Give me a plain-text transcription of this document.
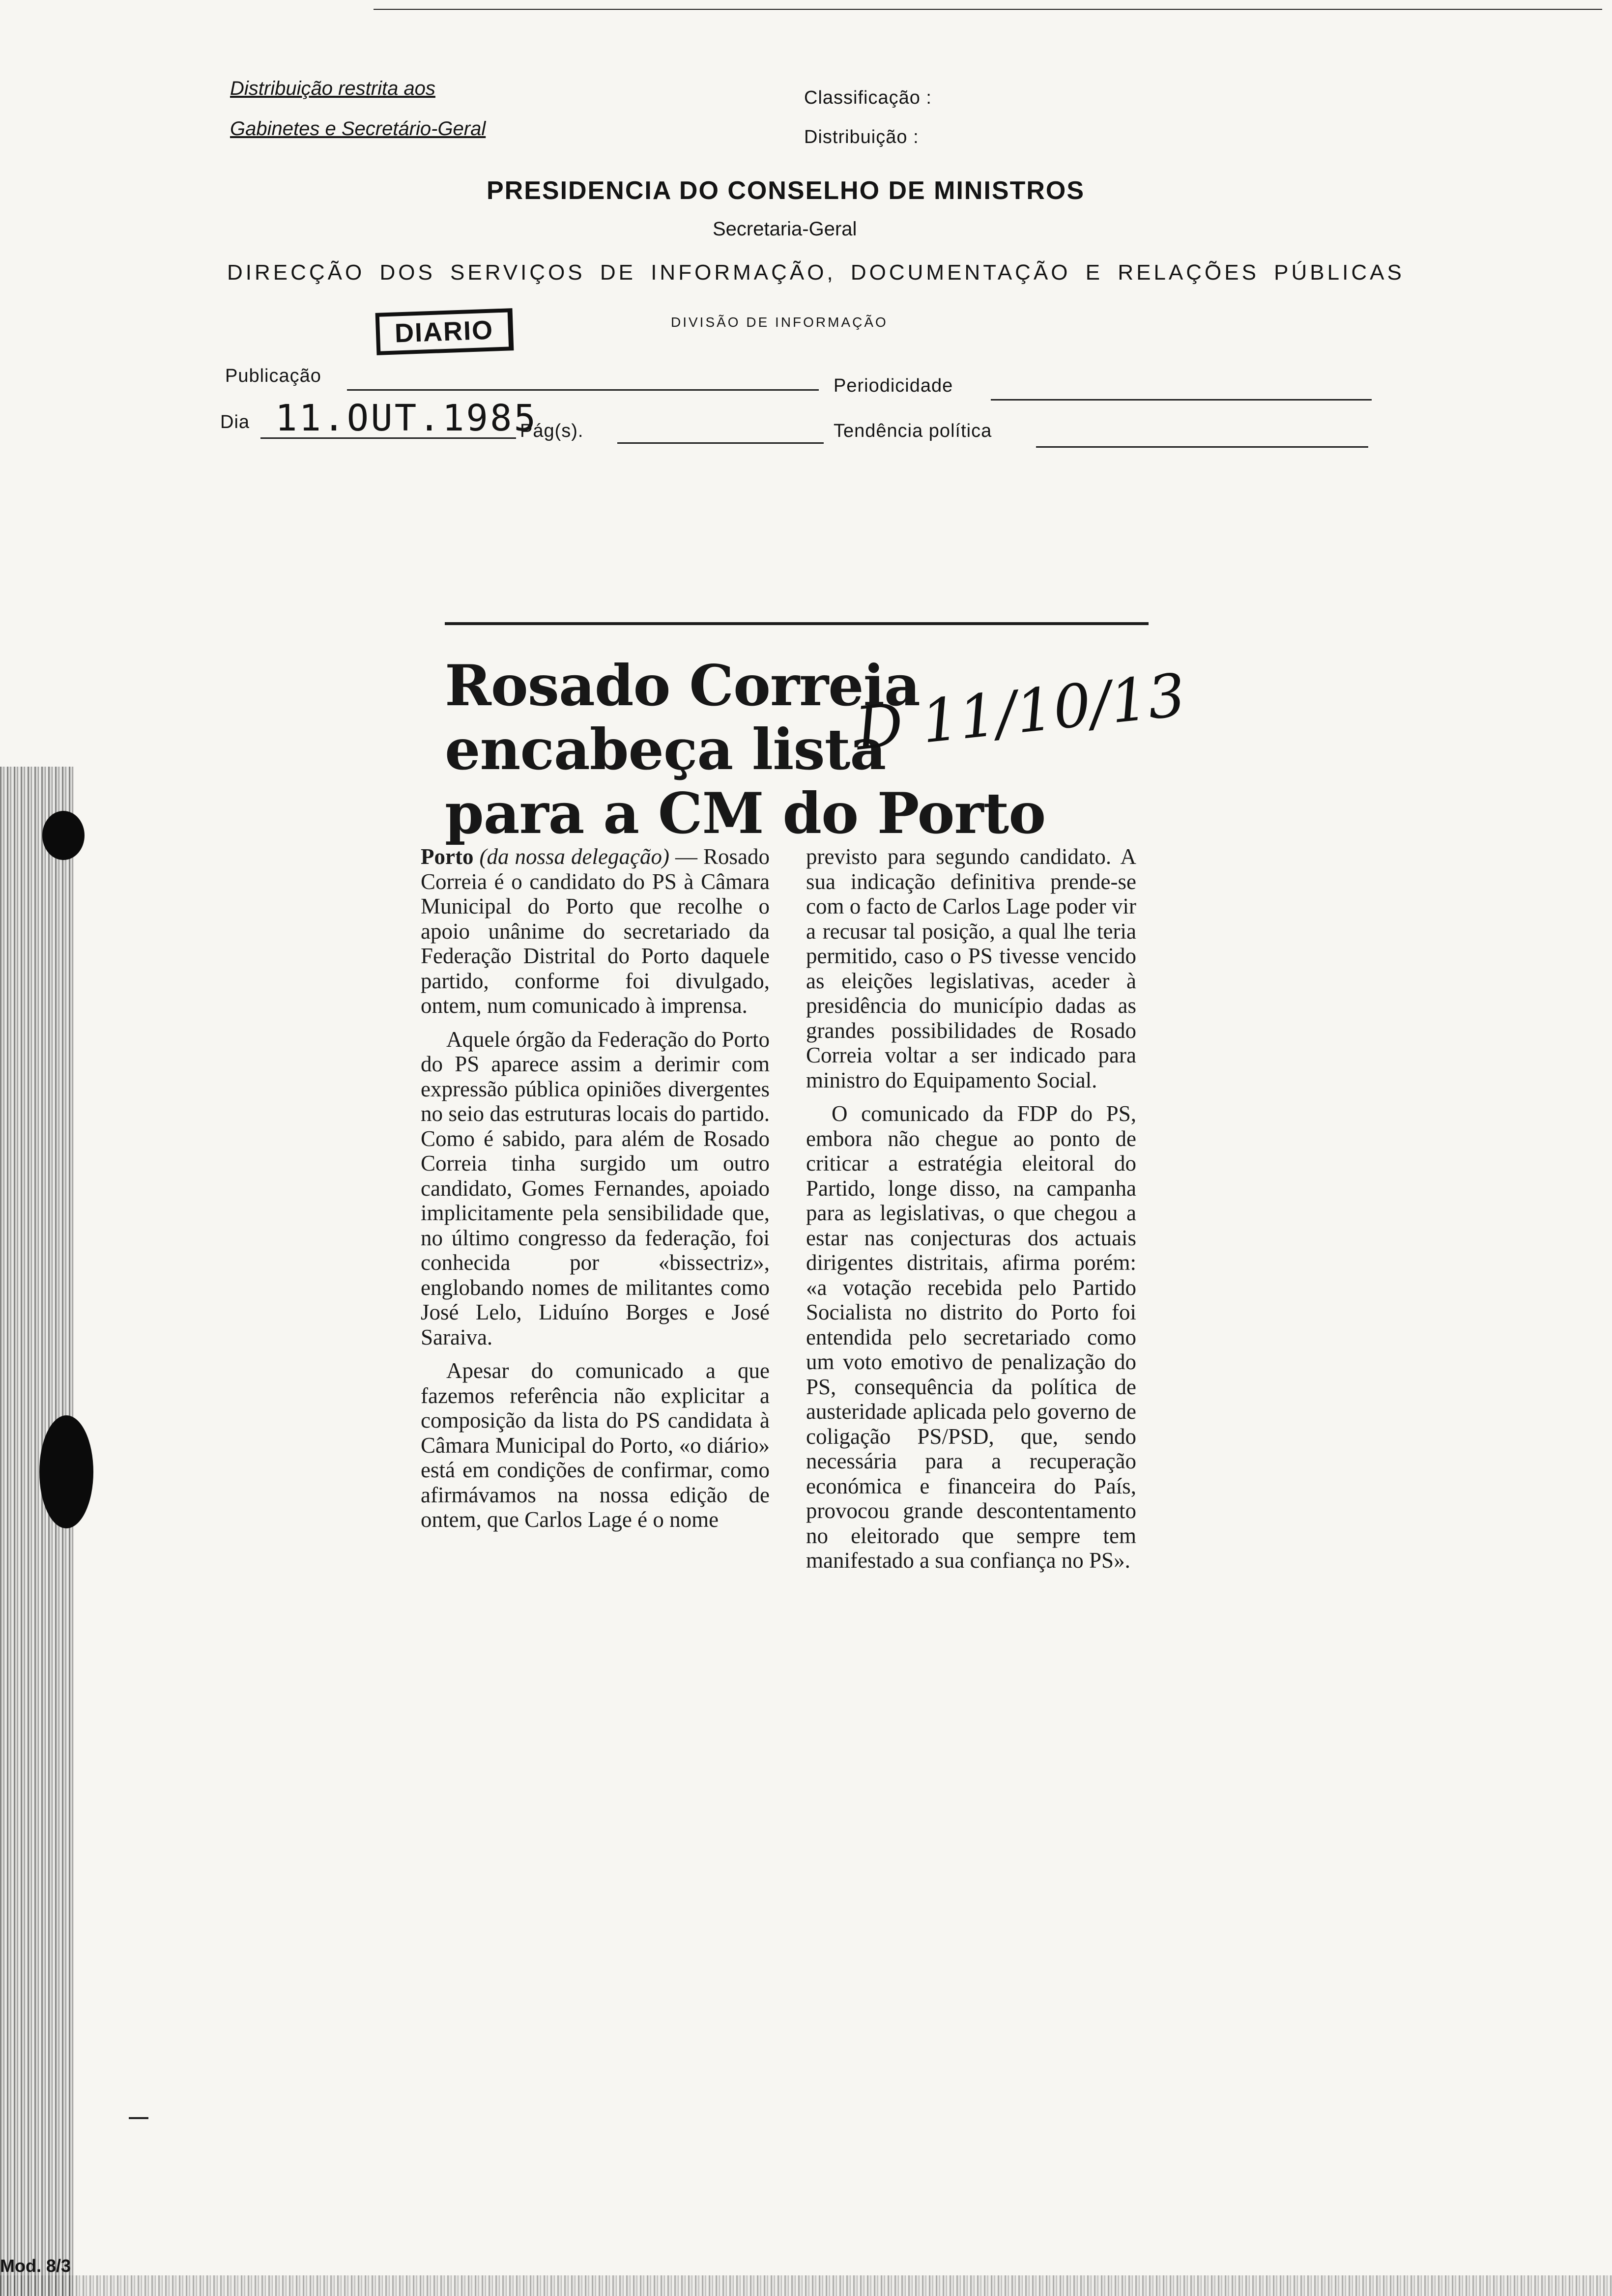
Distribuição restrita aos
Gabinetes e Secretário-Geral
Classificação :
Distribuição :
PRESIDENCIA DO CONSELHO DE MINISTROS
Secretaria-Geral
DIRECÇÃO DOS SERVIÇOS DE INFORMAÇÃO, DOCUMENTAÇÃO E RELAÇÕES PÚBLICAS
DIVISÃO DE INFORMAÇÃO
DIARIO
Publicação	Periodicidade
Dia 11.OUT.1985
Pág(s).	Tendência política
Rosado Correia
encabeça lista
para a CM do Porto
D 11/10/13

Porto (da nossa delegação) — Rosado Correia é o candidato do PS à Câmara Municipal do Porto que recolhe o apoio unânime do secretariado da Federação Distrital do Porto daquele partido, conforme foi divulgado, ontem, num comunicado à imprensa.

Aquele órgão da Federação do Porto do PS aparece assim a derimir com expressão pública opiniões divergentes no seio das estruturas locais do partido. Como é sabido, para além de Rosado Correia tinha surgido um outro candidato, Gomes Fernandes, apoiado implicitamente pela sensibilidade que, no último congresso da federação, foi conhecida por «bissectriz», englobando nomes de militantes como José Lelo, Liduíno Borges e José Saraiva.

Apesar do comunicado a que fazemos referência não explicitar a composição da lista do PS candidata à Câmara Municipal do Porto, «o diário» está em condições de confirmar, como afirmávamos na nossa edição de ontem, que Carlos Lage é o nome

previsto para segundo candidato. A sua indicação definitiva prende-se com o facto de Carlos Lage poder vir a recusar tal posição, a qual lhe teria permitido, caso o PS tivesse vencido as eleições legislativas, aceder à presidência do município dadas as grandes possibilidades de Rosado Correia voltar a ser indicado para ministro do Equipamento Social.

O comunicado da FDP do PS, embora não chegue ao ponto de criticar a estratégia eleitoral do Partido, longe disso, na campanha para as legislativas, o que chegou a estar nas conjecturas dos actuais dirigentes distritais, afirma porém: «a votação recebida pelo Partido Socialista no distrito do Porto foi entendida pelo secretariado como um voto emotivo de penalização do PS, consequência da política de austeridade aplicada pelo governo de coligação PS/PSD, que, sendo necessária para a recuperação económica e financeira do País, provocou grande descontentamento no eleitorado que sempre tem manifestado a sua confiança no PS».

Mod. 8/3
